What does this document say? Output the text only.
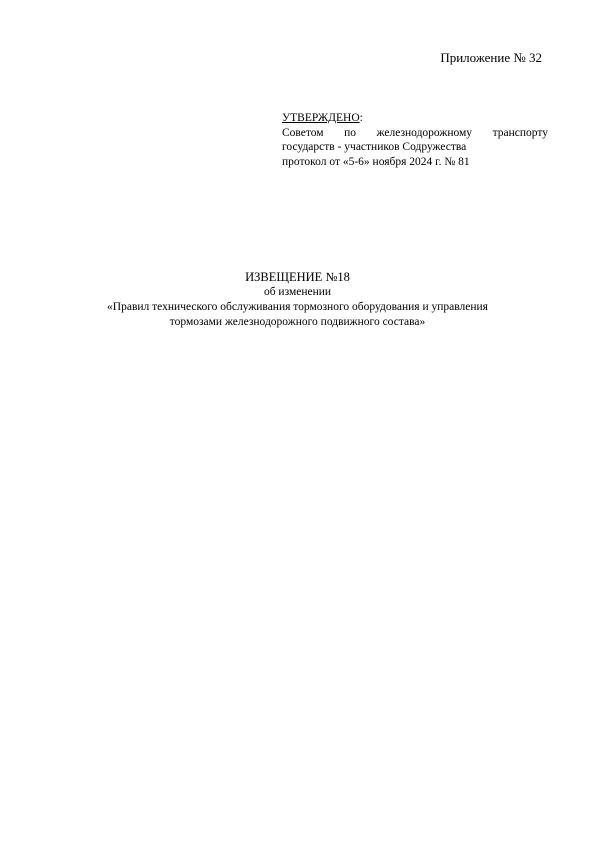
Приложение № 32
УТВЕРЖДЕНО:
Советом по железнодорожному транспорту
государств - участников Содружества
протокол от «5-6» ноября 2024 г. № 81
ИЗВЕЩЕНИЕ №18
об изменении
«Правил технического обслуживания тормозного оборудования и управления
тормозами железнодорожного подвижного состава»
